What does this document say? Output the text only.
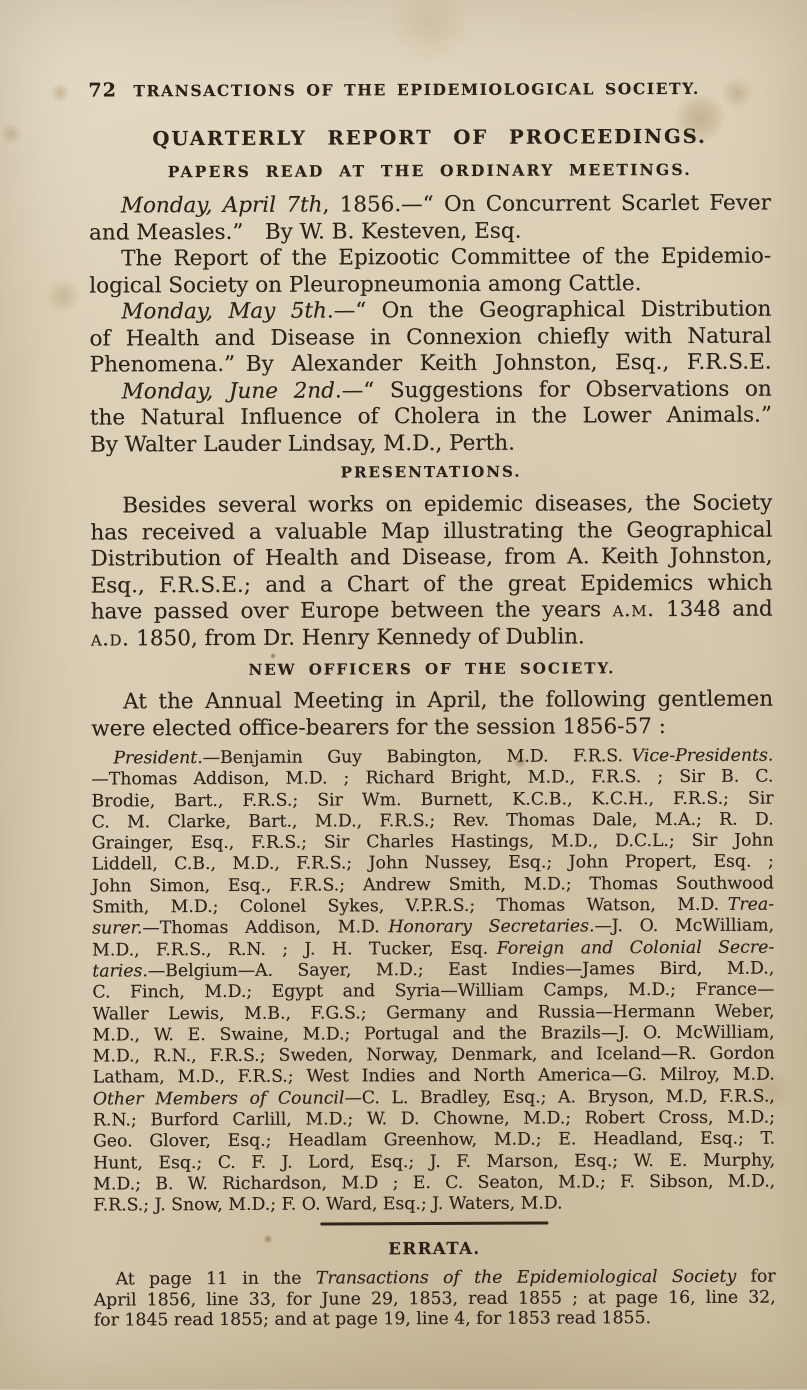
72	TRANSACTIONS OF THE EPIDEMIOLOGICAL SOCIETY.
QUARTERLY REPORT OF PROCEEDINGS.
PAPERS READ AT THE ORDINARY MEETINGS.
Monday, April 7th, 1856.—“ On Concurrent Scarlet Fever
and Measles.”  By W. B. Kesteven, Esq.
The Report of the Epizootic Committee of the Epidemio-
logical Society on Pleuropneumonia among Cattle.
Monday, May 5th.—“ On the Geographical Distribution
of Health and Disease in Connexion chiefly with Natural
Phenomena.” By Alexander Keith Johnston, Esq., F.R.S.E.
Monday, June 2nd.—“ Suggestions for Observations on
the Natural Influence of Cholera in the Lower Animals.”
By Walter Lauder Lindsay, M.D., Perth.
PRESENTATIONS.
Besides several works on epidemic diseases, the Society
has received a valuable Map illustrating the Geographical
Distribution of Health and Disease, from A. Keith Johnston,
Esq., F.R.S.E.; and a Chart of the great Epidemics which
have passed over Europe between the years a.m. 1348 and
a.d. 1850, from Dr. Henry Kennedy of Dublin.
NEW OFFICERS OF THE SOCIETY.
At the Annual Meeting in April, the following gentlemen
were elected office-bearers for the session 1856-57 :
President.—Benjamin Guy Babington, M.D. F.R.S. Vice-Presidents.
—Thomas Addison, M.D. ; Richard Bright, M.D., F.R.S. ; Sir B. C.
Brodie, Bart., F.R.S.; Sir Wm. Burnett, K.C.B., K.C.H., F.R.S.; Sir
C. M. Clarke, Bart., M.D., F.R.S.; Rev. Thomas Dale, M.A.; R. D.
Grainger, Esq., F.R.S.; Sir Charles Hastings, M.D., D.C.L.; Sir John
Liddell, C.B., M.D., F.R.S.; John Nussey, Esq.; John Propert, Esq. ;
John Simon, Esq., F.R.S.; Andrew Smith, M.D.; Thomas Southwood
Smith, M.D.; Colonel Sykes, V.P.R.S.; Thomas Watson, M.D. Trea-
surer.—Thomas Addison, M.D. Honorary Secretaries.—J. O. McWilliam,
M.D., F.R.S., R.N. ; J. H. Tucker, Esq. Foreign and Colonial Secre-
taries.—Belgium—A. Sayer, M.D.; East Indies—James Bird, M.D.,
C. Finch, M.D.; Egypt and Syria—William Camps, M.D.; France—
Waller Lewis, M.B., F.G.S.; Germany and Russia—Hermann Weber,
M.D., W. E. Swaine, M.D.; Portugal and the Brazils—J. O. McWilliam,
M.D., R.N., F.R.S.; Sweden, Norway, Denmark, and Iceland—R. Gordon
Latham, M.D., F.R.S.; West Indies and North America—G. Milroy, M.D.
Other Members of Council—C. L. Bradley, Esq.; A. Bryson, M.D, F.R.S.,
R.N.; Burford Carlill, M.D.; W. D. Chowne, M.D.; Robert Cross, M.D.;
Geo. Glover, Esq.; Headlam Greenhow, M.D.; E. Headland, Esq.; T.
Hunt, Esq.; C. F. J. Lord, Esq.; J. F. Marson, Esq.; W. E. Murphy,
M.D.; B. W. Richardson, M.D ; E. C. Seaton, M.D.; F. Sibson, M.D.,
F.R.S.; J. Snow, M.D.; F. O. Ward, Esq.; J. Waters, M.D.
ERRATA.
At page 11 in the Transactions of the Epidemiological Society for
April 1856, line 33, for June 29, 1853, read 1855 ; at page 16, line 32,
for 1845 read 1855; and at page 19, line 4, for 1853 read 1855.
